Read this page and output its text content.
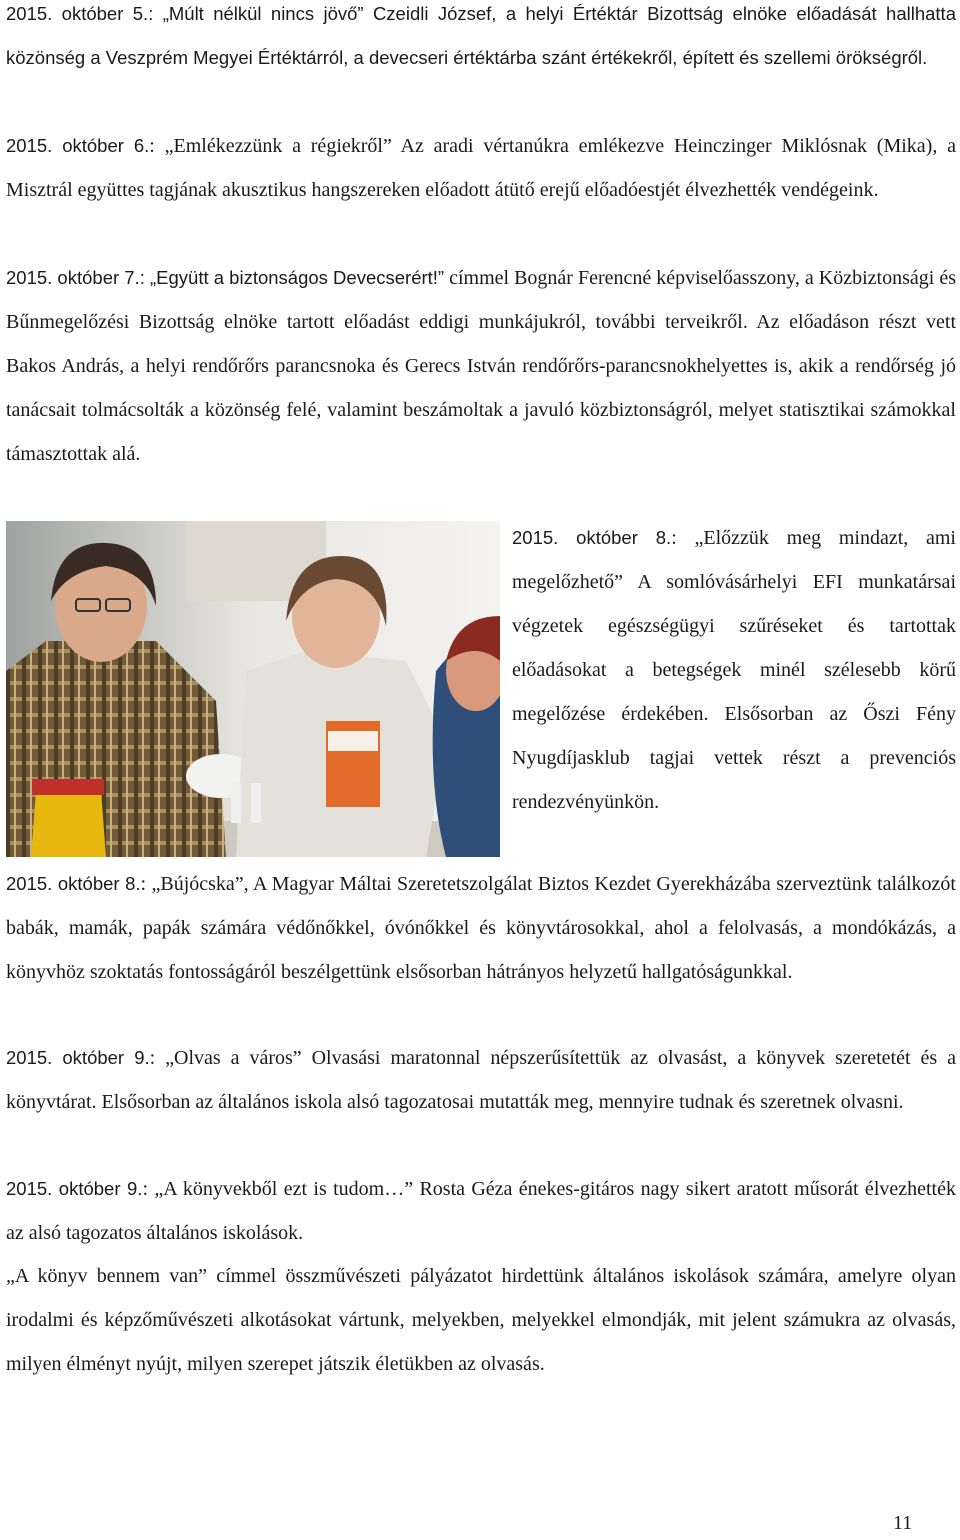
2015. október 5.: „Múlt nélkül nincs jövő” Czeidli József, a helyi Értéktár Bizottság elnöke előadását hallhatta közönség a Veszprém Megyei Értéktárról, a devecseri értéktárba szánt értékekről, épített és szellemi örökségről.

2015. október 6.: „Emlékezzünk a régiekről” Az aradi vértanúkra emlékezve Heinczinger Miklósnak (Mika), a Misztrál együttes tagjának akusztikus hangszereken előadott átütő erejű előadóestjét élvezhették vendégeink.

2015. október 7.: „Együtt a biztonságos Devecserért!” címmel Bognár Ferencné képviselőasszony, a Közbiztonsági és Bűnmegelőzési Bizottság elnöke tartott előadást eddigi munkájukról, további terveikről. Az előadáson részt vett Bakos András, a helyi rendőrőrs parancsnoka és Gerecs István rendőrőrs-parancsnokhelyettes is, akik a rendőrség jó tanácsait tolmácsolták a közönség felé, valamint beszámoltak a javuló közbiztonságról, melyet statisztikai számokkal támasztottak alá.

2015. október 8.: „Előzzük meg mindazt, ami megelőzhető” A somlóvásárhelyi EFI munkatársai végzetek egészségügyi szűréseket és tartottak előadásokat a betegségek minél szélesebb körű megelőzése érdekében. Elsősorban az Őszi Fény Nyugdíjasklub tagjai vettek részt a prevenciós rendezvényünkön.

2015. október 8.: „Bújócska”, A Magyar Máltai Szeretetszolgálat Biztos Kezdet Gyerekházába szerveztünk találkozót babák, mamák, papák számára védőnőkkel, óvónőkkel és könyvtárosokkal, ahol a felolvasás, a mondókázás, a könyvhöz szoktatás fontosságáról beszélgettünk elsősorban hátrányos helyzetű hallgatóságunkkal.

2015. október 9.: „Olvas a város” Olvasási maratonnal népszerűsítettük az olvasást, a könyvek szeretetét és a könyvtárat. Elsősorban az általános iskola alsó tagozatosai mutatták meg, mennyire tudnak és szeretnek olvasni.

2015. október 9.: „A könyvekből ezt is tudom…” Rosta Géza énekes-gitáros nagy sikert aratott műsorát élvezhették az alsó tagozatos általános iskolások.

„A könyv bennem van” címmel összművészeti pályázatot hirdettünk általános iskolások számára, amelyre olyan irodalmi és képzőművészeti alkotásokat vártunk, melyekben, melyekkel elmondják, mit jelent számukra az olvasás, milyen élményt nyújt, milyen szerepet játszik életükben az olvasás.

11
